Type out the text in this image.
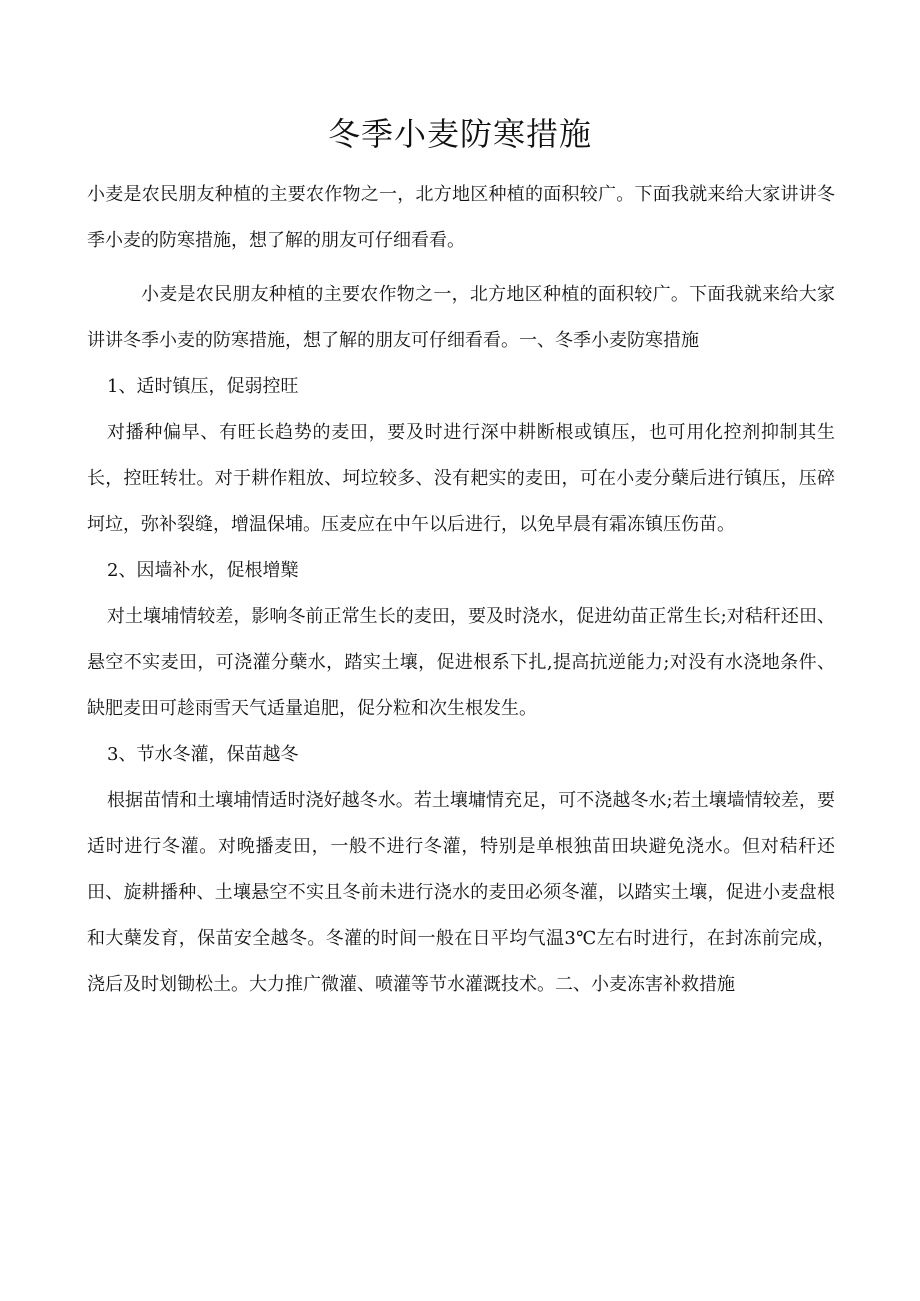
冬季小麦防寒措施

小麦是农民朋友种植的主要农作物之一，北方地区种植的面积较广。下面我就来给大家讲讲冬季小麦的防寒措施，想了解的朋友可仔细看看。

小麦是农民朋友种植的主要农作物之一，北方地区种植的面积较广。下面我就来给大家讲讲冬季小麦的防寒措施，想了解的朋友可仔细看看。一、冬季小麦防寒措施

1、适时镇压，促弱控旺

对播种偏早、有旺长趋势的麦田，要及时进行深中耕断根或镇压，也可用化控剂抑制其生长，控旺转壮。对于耕作粗放、坷垃较多、没有耙实的麦田，可在小麦分蘖后进行镇压，压碎坷垃，弥补裂缝，增温保埔。压麦应在中午以后进行，以免早晨有霜冻镇压伤苗。

2、因墙补水，促根增櫱

对土壤埔情较差，影响冬前正常生长的麦田，要及时浇水，促进幼苗正常生长;对秸秆还田、悬空不实麦田，可浇灌分蘖水，踏实土壤，促进根系下扎,提高抗逆能力;对没有水浇地条件、缺肥麦田可趁雨雪天气适量追肥，促分粒和次生根发生。

3、节水冬灌，保苗越冬

根据苗情和土壤埔情适时浇好越冬水。若土壤墉情充足，可不浇越冬水;若土壤墙情较差，要适时进行冬灌。对晚播麦田，一般不进行冬灌，特别是单根独苗田块避免浇水。但对秸秆还田、旋耕播种、土壤悬空不实且冬前未进行浇水的麦田必须冬灌，以踏实土壤，促进小麦盘根和大蘖发育，保苗安全越冬。冬灌的时间一般在日平均气温3℃左右时进行，在封冻前完成，浇后及时划锄松土。大力推广微灌、喷灌等节水灌溉技术。二、小麦冻害补救措施
